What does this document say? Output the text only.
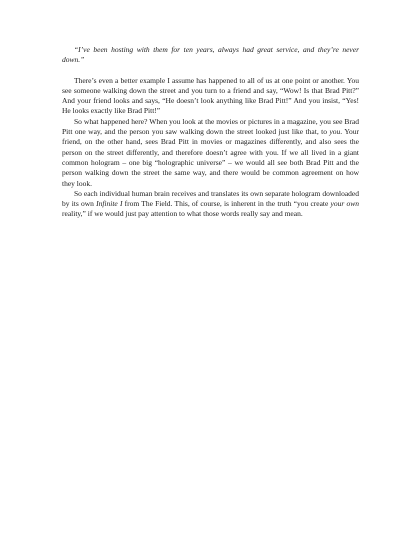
“I’ve been hosting with them for ten years, always had great service, and they’re never down.”

There’s even a better example I assume has happened to all of us at one point or another. You see someone walking down the street and you turn to a friend and say, “Wow! Is that Brad Pitt?” And your friend looks and says, “He doesn’t look anything like Brad Pitt!” And you insist, “Yes! He looks exactly like Brad Pitt!”

So what happened here? When you look at the movies or pictures in a magazine, you see Brad Pitt one way, and the person you saw walking down the street looked just like that, to you. Your friend, on the other hand, sees Brad Pitt in movies or magazines differently, and also sees the person on the street differently, and therefore doesn’t agree with you. If we all lived in a giant common hologram – one big “holographic universe” – we would all see both Brad Pitt and the person walking down the street the same way, and there would be common agreement on how they look.

So each individual human brain receives and translates its own separate hologram downloaded by its own Infinite I from The Field. This, of course, is inherent in the truth “you create your own reality,” if we would just pay attention to what those words really say and mean.
